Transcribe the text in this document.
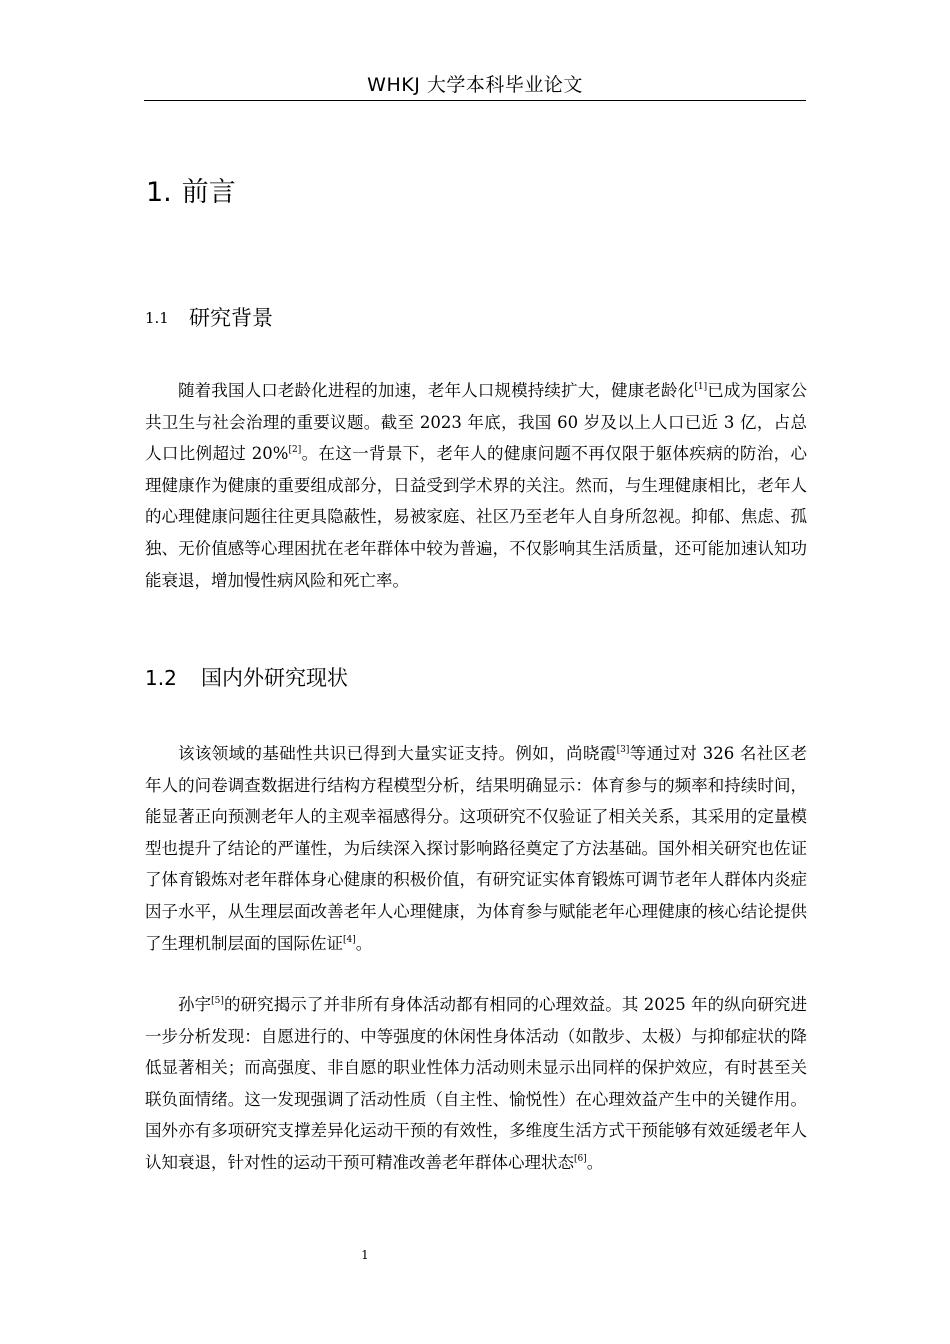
WHKJ 大学本科毕业论文
1. 前言
1.1 研究背景

随着我国人口老龄化进程的加速，老年人口规模持续扩大，健康老龄化[1]已成为国家公共卫生与社会治理的重要议题。截至 2023 年底，我国 60 岁及以上人口已近 3 亿，占总人口比例超过 20%[2]。在这一背景下，老年人的健康问题不再仅限于躯体疾病的防治，心理健康作为健康的重要组成部分，日益受到学术界的关注。然而，与生理健康相比，老年人的心理健康问题往往更具隐蔽性，易被家庭、社区乃至老年人自身所忽视。抑郁、焦虑、孤独、无价值感等心理困扰在老年群体中较为普遍，不仅影响其生活质量，还可能加速认知功能衰退，增加慢性病风险和死亡率。

1.2 国内外研究现状

该该领域的基础性共识已得到大量实证支持。例如，尚晓霞[3]等通过对 326 名社区老年人的问卷调查数据进行结构方程模型分析，结果明确显示：体育参与的频率和持续时间，能显著正向预测老年人的主观幸福感得分。这项研究不仅验证了相关关系，其采用的定量模型也提升了结论的严谨性，为后续深入探讨影响路径奠定了方法基础。国外相关研究也佐证了体育锻炼对老年群体身心健康的积极价值，有研究证实体育锻炼可调节老年人群体内炎症因子水平，从生理层面改善老年人心理健康，为体育参与赋能老年心理健康的核心结论提供了生理机制层面的国际佐证[4]。

孙宇[5]的研究揭示了并非所有身体活动都有相同的心理效益。其 2025 年的纵向研究进一步分析发现：自愿进行的、中等强度的休闲性身体活动（如散步、太极）与抑郁症状的降低显著相关；而高强度、非自愿的职业性体力活动则未显示出同样的保护效应，有时甚至关联负面情绪。这一发现强调了活动性质（自主性、愉悦性）在心理效益产生中的关键作用。国外亦有多项研究支撑差异化运动干预的有效性，多维度生活方式干预能够有效延缓老年人认知衰退，针对性的运动干预可精准改善老年群体心理状态[6]。

1
